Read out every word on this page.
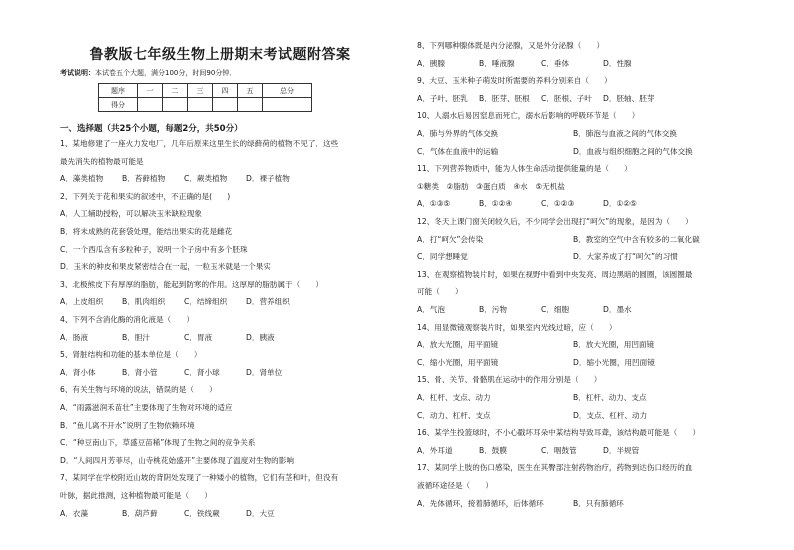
鲁教版七年级生物上册期末考试题附答案
考试说明：本试卷五个大题，满分100分，时间90分钟．
题序	一	二	三	四	五	总分
得分						
一、选择题（共25个小题，每题2分，共50分）
1、某地修建了一座火力发电厂，几年后原来这里生长的绿藓荷的植物不见了．这些
最先消失的植物最可能是
A．藻类植物 B．苔藓植物 C．蕨类植物 D．裸子植物
2、下列关于花和果实的叙述中，不正确的是(　　)
A．人工辅助授粉，可以解决玉米缺粒现象
B．将未成熟的花套袋处理，能结出果实的花是雌花
C．一个西瓜含有多粒种子，说明一个子房中有多个胚珠
D．玉米的种皮和果皮紧密结合在一起，一粒玉米就是一个果实
3、北极熊皮下有厚厚的脂肪，能起到防寒的作用。这厚厚的脂肪属于（　　）
A．上皮组织 B．肌肉组织 C．结缔组织 D．营养组织
4、下列不含消化酶的消化液是（　　）
A．肠液	B．胆汁	C．胃液	D．胰液
5、肾脏结构和功能的基本单位是（　　）
A．肾小体	B．肾小管	C．肾小球	D．肾单位
6、有关生物与环境的说法，错误的是（　　）
A．“雨露滋润禾苗壮”主要体现了生物对环境的适应
B．“鱼儿离不开水”说明了生物依赖环境
C．“种豆南山下，草盛豆苗稀”体现了生物之间的竞争关系
D．“人间四月芳菲尽，山寺桃花始盛开”主要体现了温度对生物的影响
7、某同学在学校附近山坡的背阴处发现了一种矮小的植物，它们有茎和叶，但没有
叶脉，据此推测，这种植物最可能是（　　）
A．衣藻	B．葫芦藓	C．铁线蕨	D．大豆
8、下列哪种腺体既是内分泌腺，又是外分泌腺（　　）
A．胰腺	B．唾液腺	C．垂体	D．性腺
9、大豆、玉米种子萌发时所需要的养料分别来自（　　）
A．子叶、胚乳 B．胚芽、胚根 C．胚根、子叶 D．胚轴、胚芽
10、人溺水后易因窒息而死亡，溺水后影响的呼吸环节是（　　）
A．肺与外界的气体交换	B．肺泡与血液之间的气体交换
C．气体在血液中的运输	D．血液与组织细胞之间的气体交换
11、下列营养物质中，能为人体生命活动提供能量的是（　　）
①糖类　②脂肪　③蛋白质　④水　⑤无机盐
A．①③⑤	B．①②④	C．①②③	D．①②⑤
12、冬天上课门窗关闭较久后，不少同学会出现打“呵欠”的现象，是因为（　　）
A．打“呵欠”会传染	B．教室的空气中含有较多的二氧化碳
C．同学想睡觉	D．大家养成了打“呵欠”的习惯
13、在观察植物装片时，如果在视野中看到中央发亮、周边黑暗的圆圈，该圆圈最
可能（　　）
A．气泡	B．污物	C．细胞	D．墨水
14、用显微镜观察装片时，如果室内光线过暗，应（　　）
A．放大光圈，用平面镜	B．放大光圈，用凹面镜
C．缩小光圈，用平面镜	D．缩小光圈，用凹面镜
15、骨、关节、骨骼肌在运动中的作用分别是（　　）
A．杠杆、支点、动力	B．杠杆、动力、支点
C．动力、杠杆、支点	D．支点、杠杆、动力
16、某学生投篮球时，不小心戳坏耳朵中某结构导致耳聋，该结构最可能是（　　）
A．外耳道	B．鼓膜	C．咽鼓管	D．半规管
17、某同学上肢的伤口感染，医生在其臀部注射药物治疗，药物到达伤口经历的血
液循环途径是（　　）
A．先体循环，接着肺循环，后体循环	B．只有肺循环
